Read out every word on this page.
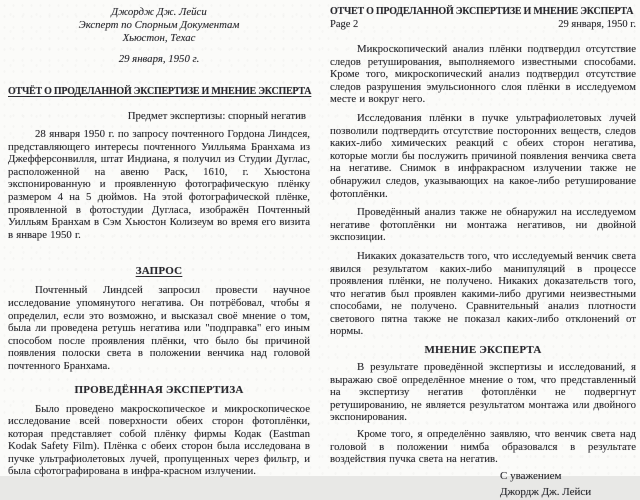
Джордж Дж. Лейси
Эксперт по Спорным Документам
Хьюстон, Техас
29 января, 1950 г.
ОТЧЁТ О ПРОДЕЛАННОЙ ЭКСПЕРТИЗЕ И МНЕНИЕ ЭКСПЕРТА
Предмет экспертизы: спорный негатив

28 января 1950 г. по запросу почтенного Гордона Линдсея, представляющего интересы почтенного Уилльяма Бранхама из Джефферсонвилля, штат Индиана, я получил из Студии Дуглас, расположенной на авеню Раск, 1610, г. Хьюстона экспонированную и проявленную фотографическую плёнку размером 4 на 5 дюймов. На этой фотографической плёнке, проявленной в фотостудии Дугласа, изображён Почтенный Уилльям Бранхам в Сэм Хьюстон Колизеум во время его визита в январе 1950 г.

ЗАПРОС

Почтенный Линдсей запросил провести научное исследование упомянутого негатива. Он потрёбовал, чтобы я определил, если это возможно, и высказал своё мнение о том, была ли проведена ретушь негатива или "подправка" его иным способом после проявления плёнки, что было бы причиной появления полоски света в положении венчика над головой почтенного Бранхама.

ПРОВЕДЁННАЯ ЭКСПЕРТИЗА

Было проведено макроскопическое и микроскопическое исследование всей поверхности обеих сторон фотоплёнки, которая представляет собой плёнку фирмы Кодак (Eastman Kodak Safety Film). Плёнка с обеих сторон была исследована в пучке ультрафиолетовых лучей, пропущенных через фильтр, и была сфотографирована в инфра-красном излучении.

ОТЧЕТ О ПРОДЕЛАННОЙ ЭКСПЕРТИЗЕ И МНЕНИЕ ЭКСПЕРТА
Page 2	29 января, 1950 г.

Микроскопический анализ плёнки подтвердил отсутствие следов ретуширования, выполняемого известными способами. Кроме того, микроскопический анализ подтвердил отсутствие следов разрушения эмульсионного слоя плёнки в исследуемом месте и вокруг него.

Исследования плёнки в пучке ультрафиолетовых лучей позволили подтвердить отсутствие посторонних веществ, следов каких-либо химических реакций с обеих сторон негатива, которые могли бы послужить причиной появления венчика света на негативе. Снимок в инфракрасном излучении также не обнаружил следов, указывающих на какое-либо ретуширование фотоплёнки.

Проведённый анализ также не обнаружил на исследуемом негативе фотоплёнки ни монтажа негативов, ни двойной экспозиции.

Никаких доказательств того, что исследуемый венчик света явился результатом каких-либо манипуляций в процессе проявления плёнки, не получено. Никаких доказательств того, что негатив был проявлен какими-либо другими неизвестными способами, не получено. Сравнительный анализ плотности светового пятна также не показал каких-либо отклонений от нормы.

МНЕНИЕ ЭКСПЕРТА

В результате проведённой экспертизы и исследований, я выражаю своё определённое мнение о том, что представленный на экспертизу негатив фотоплёнки не подвергнут ретушированию, не является результатом монтажа или двойного экспонирования.

Кроме того, я определённо заявляю, что венчик света над головой в положении нимба образовался в результате воздействия пучка света на негатив.

С уважением
Джордж Дж. Лейси
